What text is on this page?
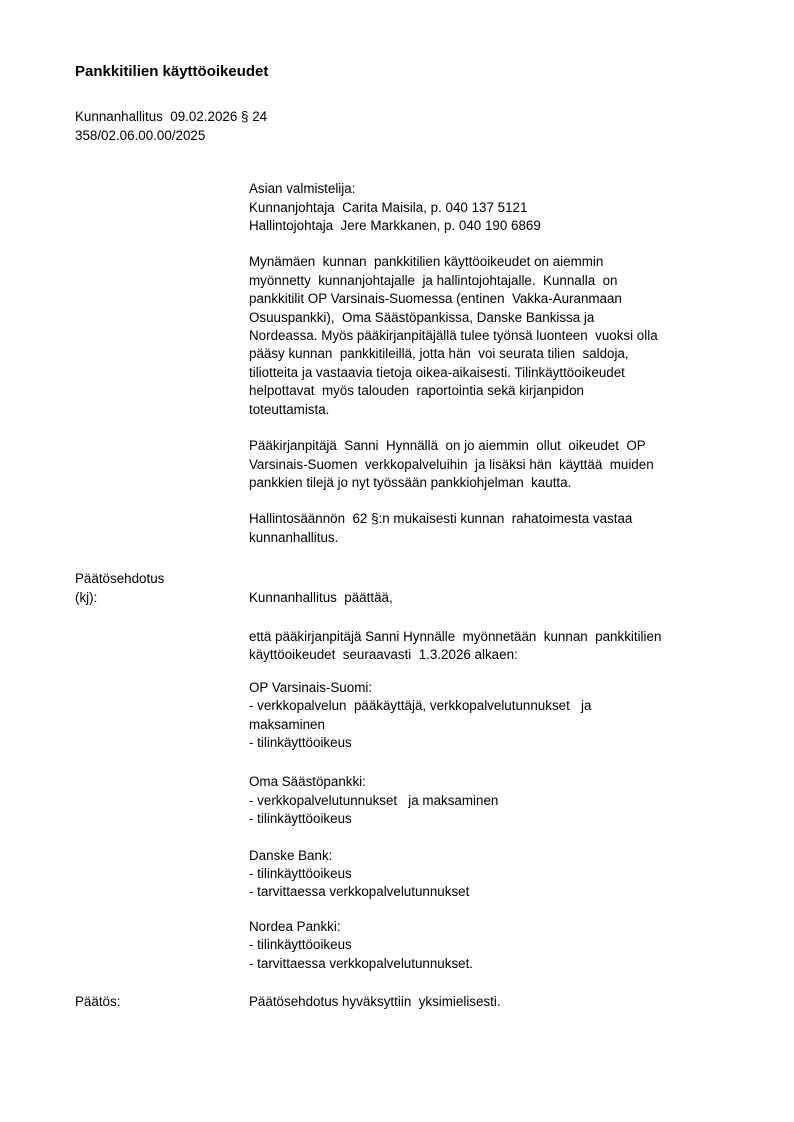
Pankkitilien käyttöoikeudet
Kunnanhallitus  09.02.2026 § 24
358/02.06.00.00/2025
Asian valmistelija:
Kunnanjohtaja  Carita Maisila, p. 040 137 5121
Hallintojohtaja  Jere Markkanen, p. 040 190 6869
Mynämäen  kunnan  pankkitilien käyttöoikeudet on aiemmin
myönnetty  kunnanjohtajalle  ja hallintojohtajalle.  Kunnalla  on
pankkitilit OP Varsinais-Suomessa (entinen  Vakka-Auranmaan
Osuuspankki),  Oma Säästöpankissa, Danske Bankissa ja
Nordeassa. Myös pääkirjanpitäjällä tulee työnsä luonteen  vuoksi olla
pääsy kunnan  pankkitileillä, jotta hän  voi seurata tilien  saldoja,
tiliotteita ja vastaavia tietoja oikea-aikaisesti. Tilinkäyttöoikeudet
helpottavat  myös talouden  raportointia sekä kirjanpidon
toteuttamista.
Pääkirjanpitäjä  Sanni  Hynnällä  on jo aiemmin  ollut  oikeudet  OP
Varsinais-Suomen  verkkopalveluihin  ja lisäksi hän  käyttää  muiden
pankkien tilejä jo nyt työssään pankkiohjelman  kautta.
Hallintosäännön  62 §:n mukaisesti kunnan  rahatoimesta vastaa
kunnanhallitus.
Päätösehdotus
(kj):
	Kunnanhallitus  päättää,
että pääkirjanpitäjä Sanni Hynnälle  myönnetään  kunnan  pankkitilien
käyttöoikeudet  seuraavasti  1.3.2026 alkaen:
OP Varsinais-Suomi:
- verkkopalvelun  pääkäyttäjä, verkkopalvelutunnukset   ja
maksaminen
- tilinkäyttöoikeus
Oma Säästöpankki:
- verkkopalvelutunnukset   ja maksaminen
- tilinkäyttöoikeus
Danske Bank:
- tilinkäyttöoikeus
- tarvittaessa verkkopalvelutunnukset
Nordea Pankki:
- tilinkäyttöoikeus
- tarvittaessa verkkopalvelutunnukset.
Päätös:	Päätösehdotus hyväksyttiin  yksimielisesti.
